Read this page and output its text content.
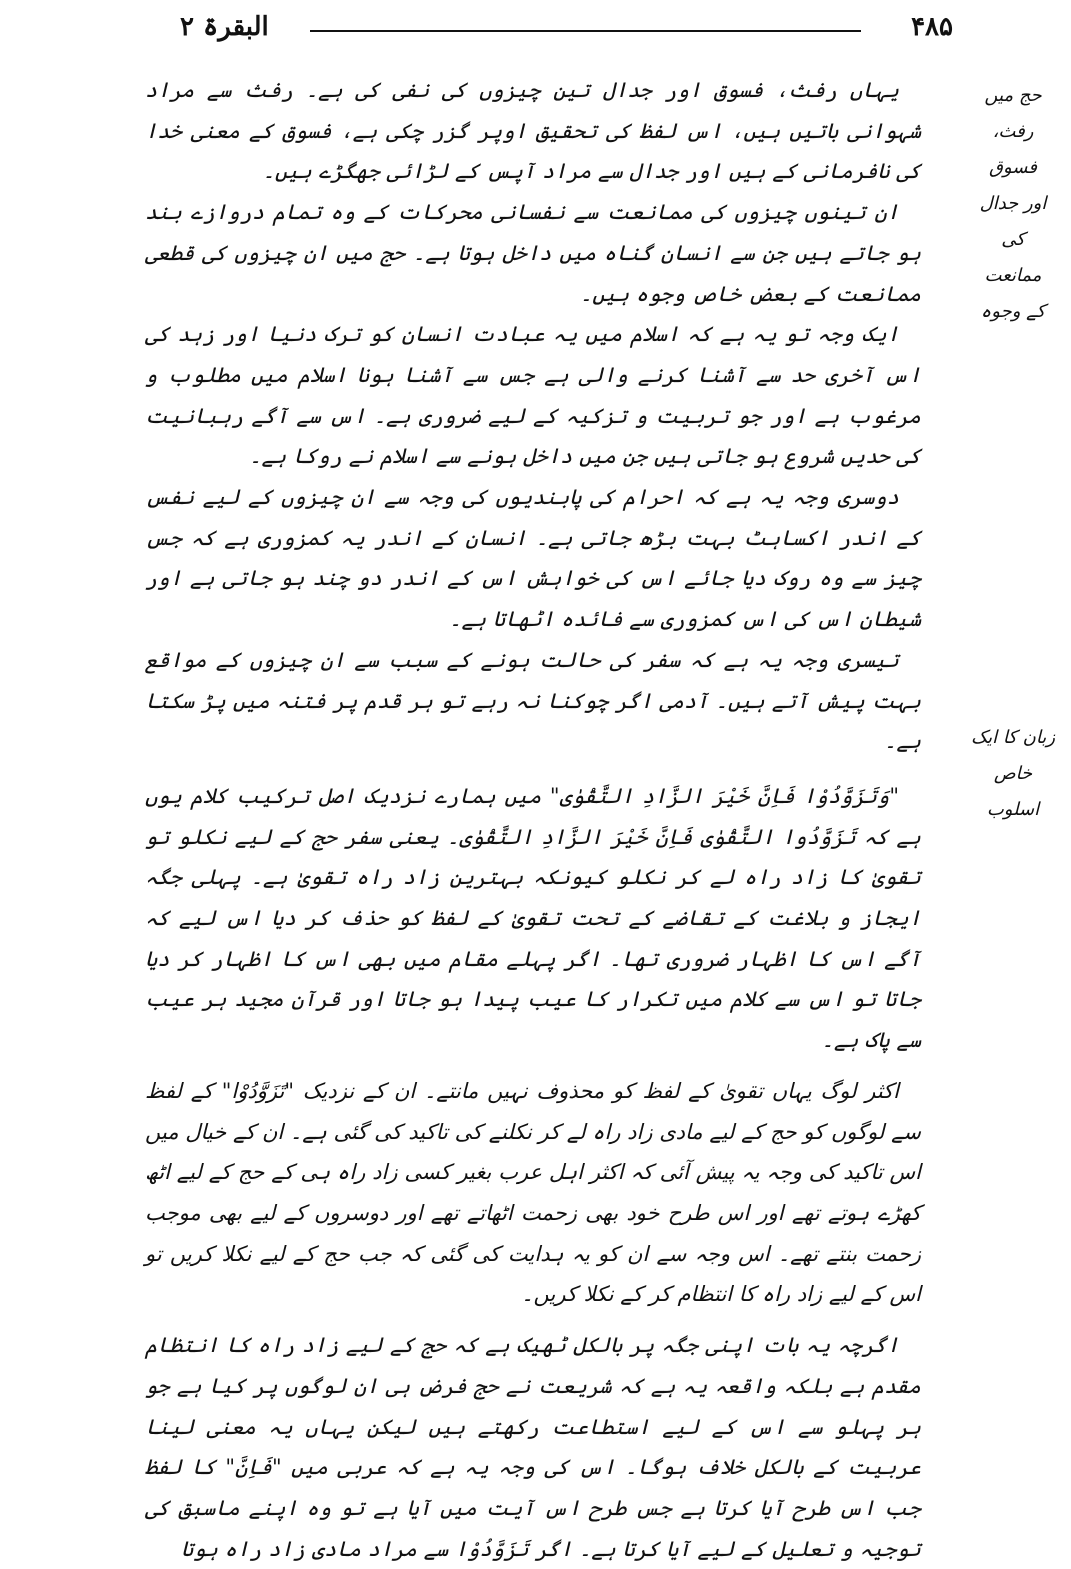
۴۸۵
البقرۃ ۲
حج میں
رفث، فسوق
اور جدال کی
ممانعت
کے وجوہ
زبان کا ایک
خاص اسلوب

یہاں رفث، فسوق اور جدال تین چیزوں کی نفی کی ہے۔ رفث سے مراد شہوانی باتیں ہیں، اس لفظ کی تحقیق اوپر گزر چکی ہے، فسوق کے معنی خدا کی نافرمانی کے ہیں اور جدال سے مراد آپس کے لڑائی جھگڑے ہیں۔

ان تینوں چیزوں کی ممانعت سے نفسانی محرکات کے وہ تمام دروازے بند ہو جاتے ہیں جن سے انسان گناہ میں داخل ہوتا ہے۔ حج میں ان چیزوں کی قطعی ممانعت کے بعض خاص وجوہ ہیں۔

ایک وجہ تو یہ ہے کہ اسلام میں یہ عبادت انسان کو ترک دنیا اور زہد کی اس آخری حد سے آشنا کرنے والی ہے جس سے آشنا ہونا اسلام میں مطلوب و مرغوب ہے اور جو تربیت و تزکیہ کے لیے ضروری ہے۔ اس سے آگے رہبانیت کی حدیں شروع ہو جاتی ہیں جن میں داخل ہونے سے اسلام نے روکا ہے۔

دوسری وجہ یہ ہے کہ احرام کی پابندیوں کی وجہ سے ان چیزوں کے لیے نفس کے اندر اکساہٹ بہت بڑھ جاتی ہے۔ انسان کے اندر یہ کمزوری ہے کہ جس چیز سے وہ روک دیا جائے اس کی خواہش اس کے اندر دو چند ہو جاتی ہے اور شیطان اس کی اس کمزوری سے فائدہ اٹھاتا ہے۔

تیسری وجہ یہ ہے کہ سفر کی حالت ہونے کے سبب سے ان چیزوں کے مواقع بہت پیش آتے ہیں۔ آدمی اگر چوکنا نہ رہے تو ہر قدم پر فتنہ میں پڑ سکتا ہے۔

"وَتَزَوَّدُوْا فَاِنَّ خَيْرَ الزَّادِ التَّقْوٰى" میں ہمارے نزدیک اصل ترکیب کلام یوں ہے کہ تَزَوَّدُوا التَّقْوٰى فَاِنَّ خَيْرَ الزَّادِ التَّقْوٰى۔ یعنی سفر حج کے لیے نکلو تو تقویٰ کا زاد راہ لے کر نکلو کیونکہ بہترین زاد راہ تقویٰ ہے۔ پہلی جگہ ایجاز و بلاغت کے تقاضے کے تحت تقویٰ کے لفظ کو حذف کر دیا اس لیے کہ آگے اس کا اظہار ضروری تھا۔ اگر پہلے مقام میں بھی اس کا اظہار کر دیا جاتا تو اس سے کلام میں تکرار کا عیب پیدا ہو جاتا اور قرآن مجید ہر عیب سے پاک ہے۔

اکثر لوگ یہاں تقویٰ کے لفظ کو محذوف نہیں مانتے۔ ان کے نزدیک "تَزَوَّدُوْا" کے لفظ سے لوگوں کو حج کے لیے مادی زاد راہ لے کر نکلنے کی تاکید کی گئی ہے۔ ان کے خیال میں اس تاکید کی وجہ یہ پیش آئی کہ اکثر اہل عرب بغیر کسی زاد راہ ہی کے حج کے لیے اٹھ کھڑے ہوتے تھے اور اس طرح خود بھی زحمت اٹھاتے تھے اور دوسروں کے لیے بھی موجب زحمت بنتے تھے۔ اس وجہ سے ان کو یہ ہدایت کی گئی کہ جب حج کے لیے نکلا کریں تو اس کے لیے زاد راہ کا انتظام کر کے نکلا کریں۔

اگرچہ یہ بات اپنی جگہ پر بالکل ٹھیک ہے کہ حج کے لیے زاد راہ کا انتظام مقدم ہے بلکہ واقعہ یہ ہے کہ شریعت نے حج فرض ہی ان لوگوں پر کیا ہے جو ہر پہلو سے اس کے لیے استطاعت رکھتے ہیں لیکن یہاں یہ معنی لینا عربیت کے بالکل خلاف ہوگا۔ اس کی وجہ یہ ہے کہ عربی میں "فَاِنَّ" کا لفظ جب اس طرح آیا کرتا ہے جس طرح اس آیت میں آیا ہے تو وہ اپنے ماسبق کی توجیہ و تعلیل کے لیے آیا کرتا ہے۔ اگر تَزَوَّدُوْا سے مراد مادی زاد راہ ہوتا
